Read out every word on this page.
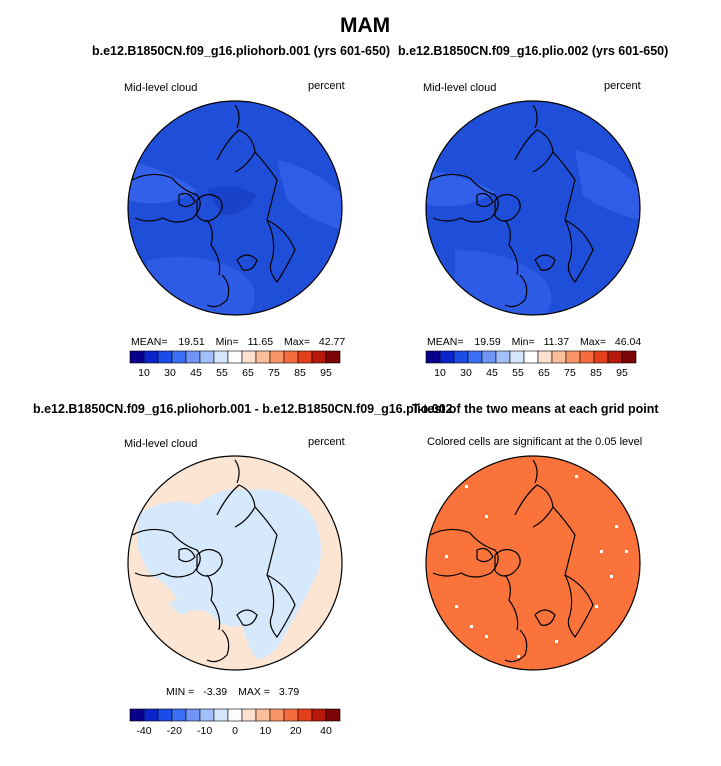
MAM
b.e12.B1850CN.f09_g16.pliohorb.001 (yrs 601-650)
Mid-level cloud	percent
MEAN= 19.51 Min= 11.65 Max= 42.77
10 30 45 55 65 75 85 95
b.e12.B1850CN.f09_g16.plio.002 (yrs 601-650)
Mid-level cloud	percent
MEAN= 19.59 Min= 11.37 Max= 46.04
10 30 45 55 65 75 85 95
b.e12.B1850CN.f09_g16.pliohorb.001 - b.e12.B1850CN.f09_g16.plio.002
Mid-level cloud	percent
MIN = -3.39 MAX = 3.79
-40 -20 -10 0 10 20 40
T-test of the two means at each grid point
Colored cells are significant at the 0.05 level
